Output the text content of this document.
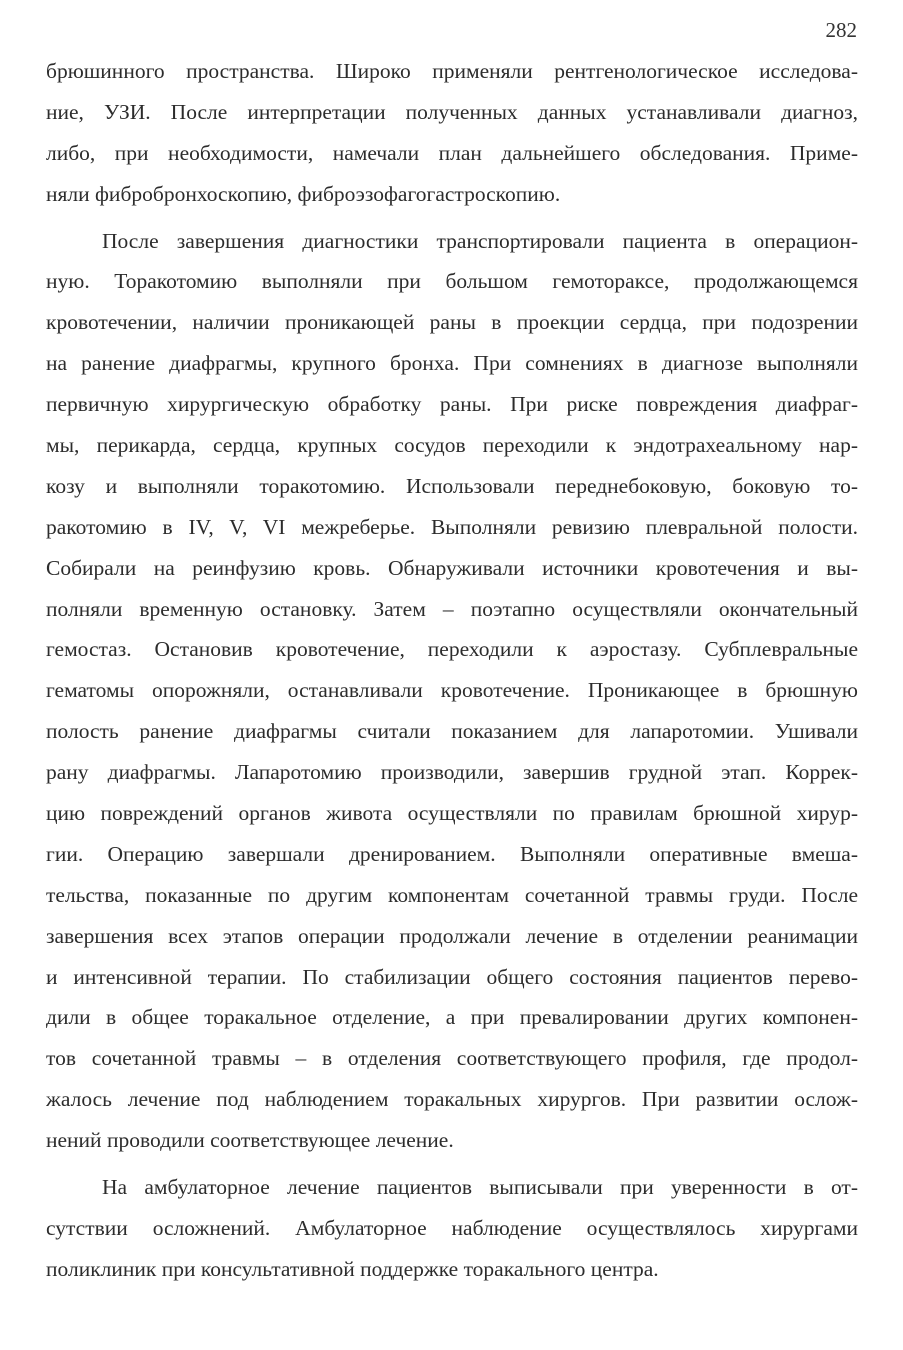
282
брюшинного пространства. Широко применяли рентгенологическое исследова-
ние, УЗИ. После интерпретации полученных данных устанавливали диагноз,
либо, при необходимости, намечали план дальнейшего обследования. Приме-
няли фибробронхоскопию, фиброэзофагогастроскопию.
После завершения диагностики транспортировали пациента в операцион-
ную. Торакотомию выполняли при большом гемотораксе, продолжающемся
кровотечении, наличии проникающей раны в проекции сердца, при подозрении
на ранение диафрагмы, крупного бронха. При сомнениях в диагнозе выполняли
первичную хирургическую обработку раны. При риске повреждения диафраг-
мы, перикарда, сердца, крупных сосудов переходили к эндотрахеальному нар-
козу и выполняли торакотомию. Использовали переднебоковую, боковую то-
ракотомию в IV, V, VI межреберье. Выполняли ревизию плевральной полости.
Собирали на реинфузию кровь. Обнаруживали источники кровотечения и вы-
полняли временную остановку. Затем – поэтапно осуществляли окончательный
гемостаз. Остановив кровотечение, переходили к аэростазу. Субплевральные
гематомы опорожняли, останавливали кровотечение. Проникающее в брюшную
полость ранение диафрагмы считали показанием для лапаротомии. Ушивали
рану диафрагмы. Лапаротомию производили, завершив грудной этап. Коррек-
цию повреждений органов живота осуществляли по правилам брюшной хирур-
гии. Операцию завершали дренированием. Выполняли оперативные вмеша-
тельства, показанные по другим компонентам сочетанной травмы груди. После
завершения всех этапов операции продолжали лечение в отделении реанимации
и интенсивной терапии. По стабилизации общего состояния пациентов перево-
дили в общее торакальное отделение, а при превалировании других компонен-
тов сочетанной травмы – в отделения соответствующего профиля, где продол-
жалось лечение под наблюдением торакальных хирургов. При развитии ослож-
нений проводили соответствующее лечение.
На амбулаторное лечение пациентов выписывали при уверенности в от-
сутствии осложнений. Амбулаторное наблюдение осуществлялось хирургами
поликлиник при консультативной поддержке торакального центра.
